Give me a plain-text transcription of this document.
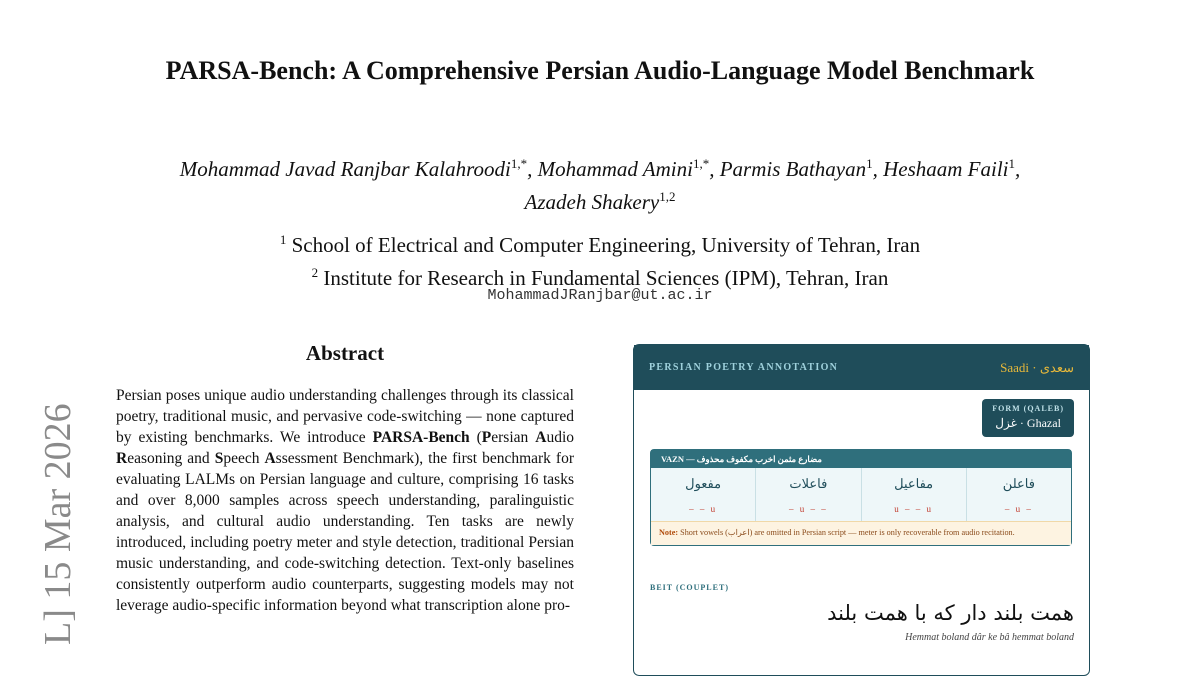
L] 15 Mar 2026
PARSA-Bench: A Comprehensive Persian Audio-Language Model Benchmark
Mohammad Javad Ranjbar Kalahroodi$^{1,*}$, Mohammad Amini$^{1,*}$, Parmis Bathayan$^1$, Heshaam Faili$^1$,
Azadeh Shakery$^{1,2}$
$^1$ School of Electrical and Computer Engineering, University of Tehran, Iran
$^2$ Institute for Research in Fundamental Sciences (IPM), Tehran, Iran
MohammadJRanjbar@ut.ac.ir
Abstract

Persian poses unique audio understanding challenges through its classical poetry, traditional music, and pervasive code-switching — none captured by existing benchmarks. We introduce PARSA-Bench (Persian Audio Reasoning and Speech Assessment Benchmark), the first benchmark for evaluating LALMs on Persian language and culture, comprising 16 tasks and over 8,000 samples across speech understanding, paralinguistic analysis, and cultural audio understanding. Ten tasks are newly introduced, including poetry meter and style detection, traditional Persian music understanding, and code-switching detection. Text-only baselines consistently outperform audio counterparts, suggesting models may not leverage audio-specific information beyond what transcription alone pro-

PERSIAN POETRY ANNOTATION	Saadi · سعدی
FORM (QALEB)
غزل · Ghazal
VAZN — مضارع مثمن اخرب مکفوف محذوف
مفعول
– – u
فاعلات
– u – –
مفاعیل
u – – u
فاعلن
– u –
Note: Short vowels (اعراب) are omitted in Persian script — meter is only recoverable from audio recitation.
BEIT (COUPLET)
همت بلند دار که با همت بلند
Hemmat boland dâr ke bâ hemmat boland
